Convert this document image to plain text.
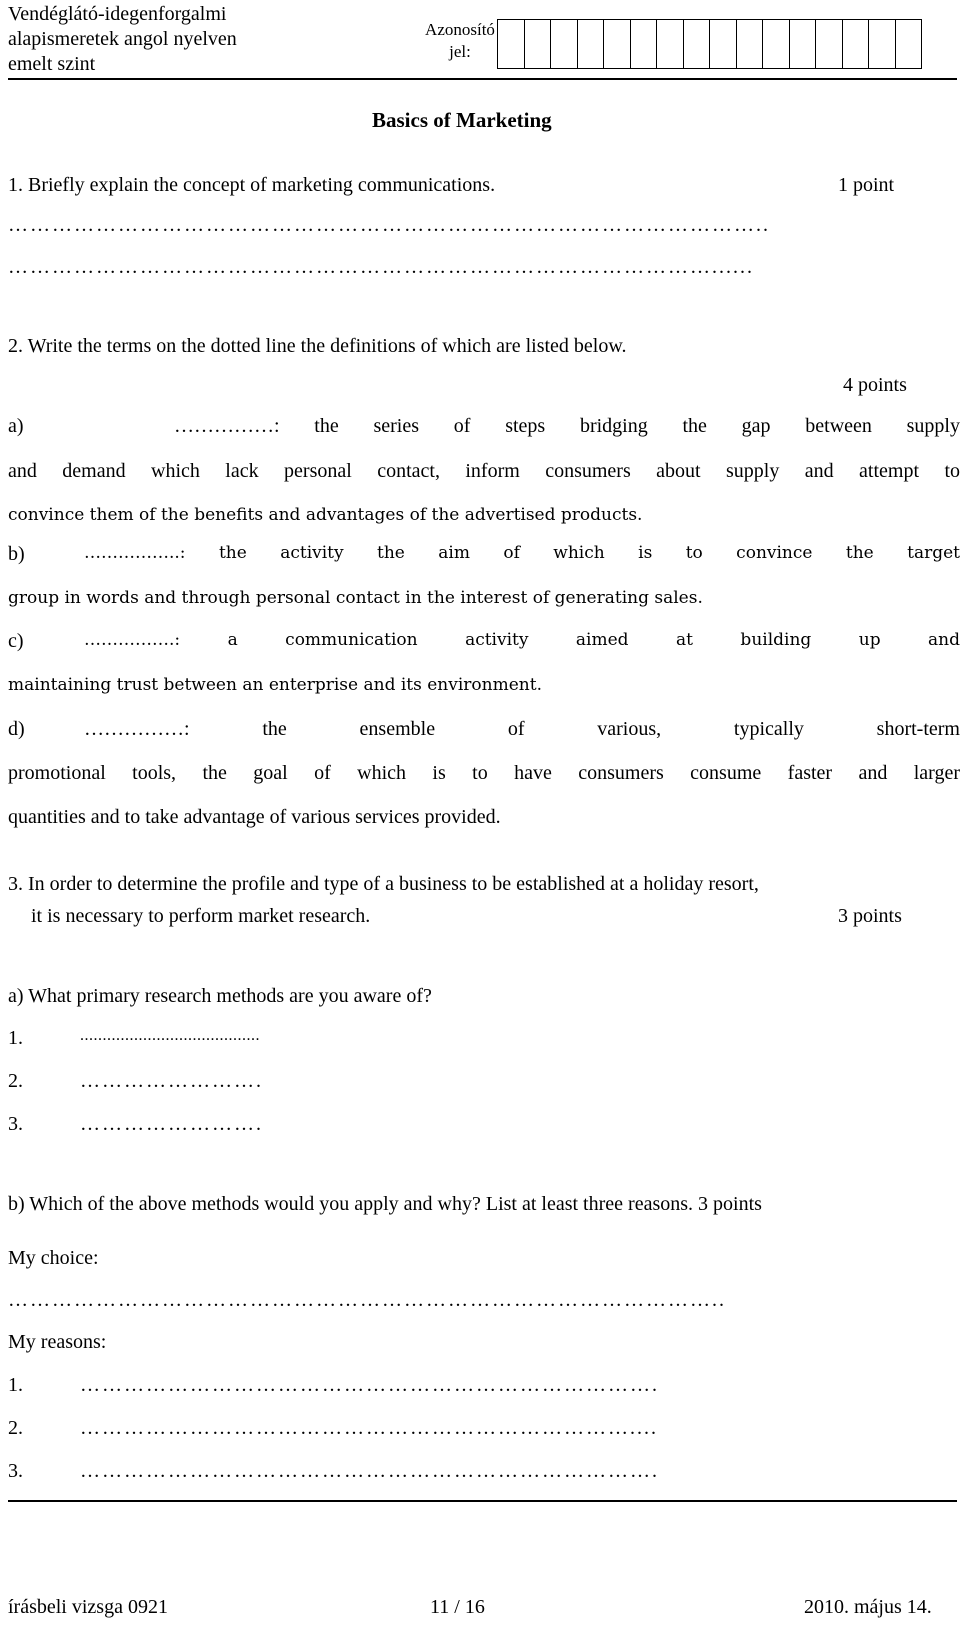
Vendéglátó-idegenforgalmi
alapismeretek angol nyelven
emelt szint
Azonosító
jel:
Basics of Marketing
1. Briefly explain the concept of marketing communications.	1 point
…………………………………………………………………………………………..
……………………………………………………………………………………......
2. Write the terms on the dotted line the definitions of which are listed below.
4 points
a)	……………: the series of steps bridging the gap between supply
and demand which lack personal contact, inform consumers about supply and attempt to
convince them of the benefits and advantages of the advertised products.
b)	……………..: the activity the aim of which is to convince the target
group in words and through personal contact in the interest of generating sales.
c)	…………….: a communication activity aimed at building up and
maintaining trust between an enterprise and its environment.
d)	……………: the ensemble of various, typically short-term
promotional tools, the goal of which is to have consumers consume faster and larger
quantities and to take advantage of various services provided.
3. In order to determine the profile and type of a business to be established at a holiday resort,
it is necessary to perform market research.	3 points
a) What primary research methods are you aware of?
1.	........................................
2.	…………………….
3.	…………………….
b) Which of the above methods would you apply and why? List at least three reasons. 3 points
My choice:
……………………………………………………………………………………..
My reasons:
1.	…………………………………………………………………….
2.	…………………………………………………………………....
3.	…………………………………………………………………….
írásbeli vizsga 0921	11 / 16	2010. május 14.
